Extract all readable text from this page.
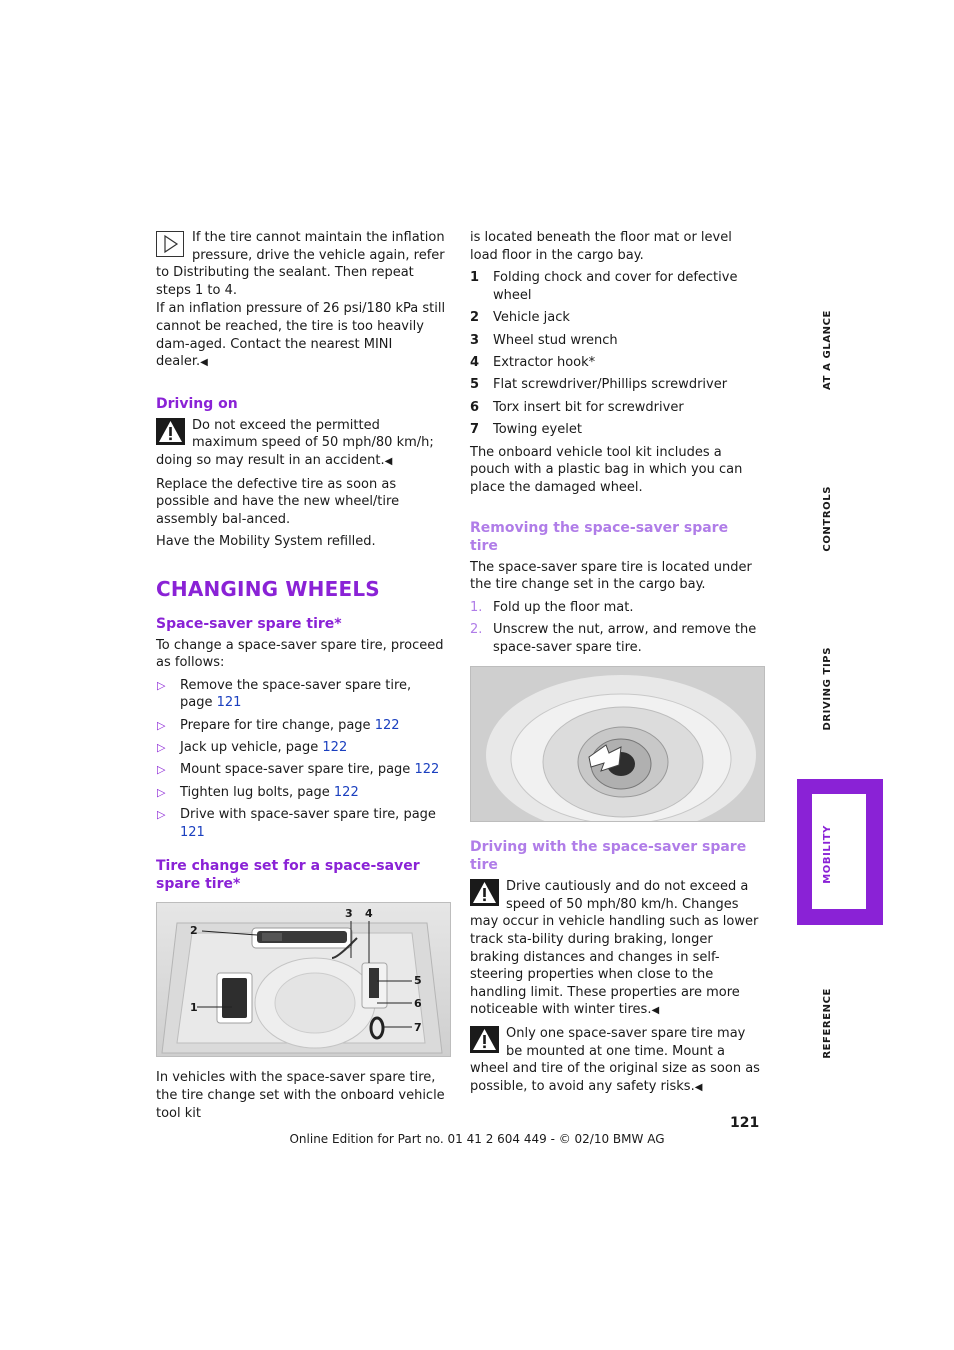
If the tire cannot maintain the inflation pressure, drive the vehicle again, refer to Distributing the sealant. Then repeat steps 1 to 4.

If an inflation pressure of 26 psi/180 kPa still cannot be reached, the tire is too heavily dam-aged. Contact the nearest MINI dealer.◀

Driving on

Do not exceed the permitted maximum speed of 50 mph/80 km/h; doing so may result in an accident.◀

Replace the defective tire as soon as possible and have the new wheel/tire assembly bal-anced.

Have the Mobility System refilled.

CHANGING WHEELS
Space-saver spare tire*

To change a space-saver spare tire, proceed as follows:

▷ Remove the space-saver spare tire, page 121
▷ Prepare for tire change, page 122
▷ Jack up vehicle, page 122
▷ Mount space-saver spare tire, page 122
▷ Tighten lug bolts, page 122
▷ Drive with space-saver spare tire, page 121
Tire change set for a space-saver spare tire*
1
2
3 4
5
6
7

In vehicles with the space-saver spare tire, the tire change set with the onboard vehicle tool kit

is located beneath the floor mat or level load floor in the cargo bay.

1 Folding chock and cover for defective wheel
2 Vehicle jack
3 Wheel stud wrench
4 Extractor hook*
5 Flat screwdriver/Phillips screwdriver
6 Torx insert bit for screwdriver
7 Towing eyelet

The onboard vehicle tool kit includes a pouch with a plastic bag in which you can place the damaged wheel.

Removing the space-saver spare tire

The space-saver spare tire is located under the tire change set in the cargo bay.

1. Fold up the floor mat.
2. Unscrew the nut, arrow, and remove the space-saver spare tire.
Driving with the space-saver spare tire

Drive cautiously and do not exceed a speed of 50 mph/80 km/h. Changes may occur in vehicle handling such as lower track sta-bility during braking, longer braking distances and changes in self-steering properties when close to the handling limit. These properties are more noticeable with winter tires.◀

Only one space-saver spare tire may be mounted at one time. Mount a wheel and tire of the original size as soon as possible, to avoid any safety risks.◀

AT A GLANCE
CONTROLS
DRIVING TIPS
MOBILITY
REFERENCE
121
Online Edition for Part no. 01 41 2 604 449 - © 02/10 BMW AG
